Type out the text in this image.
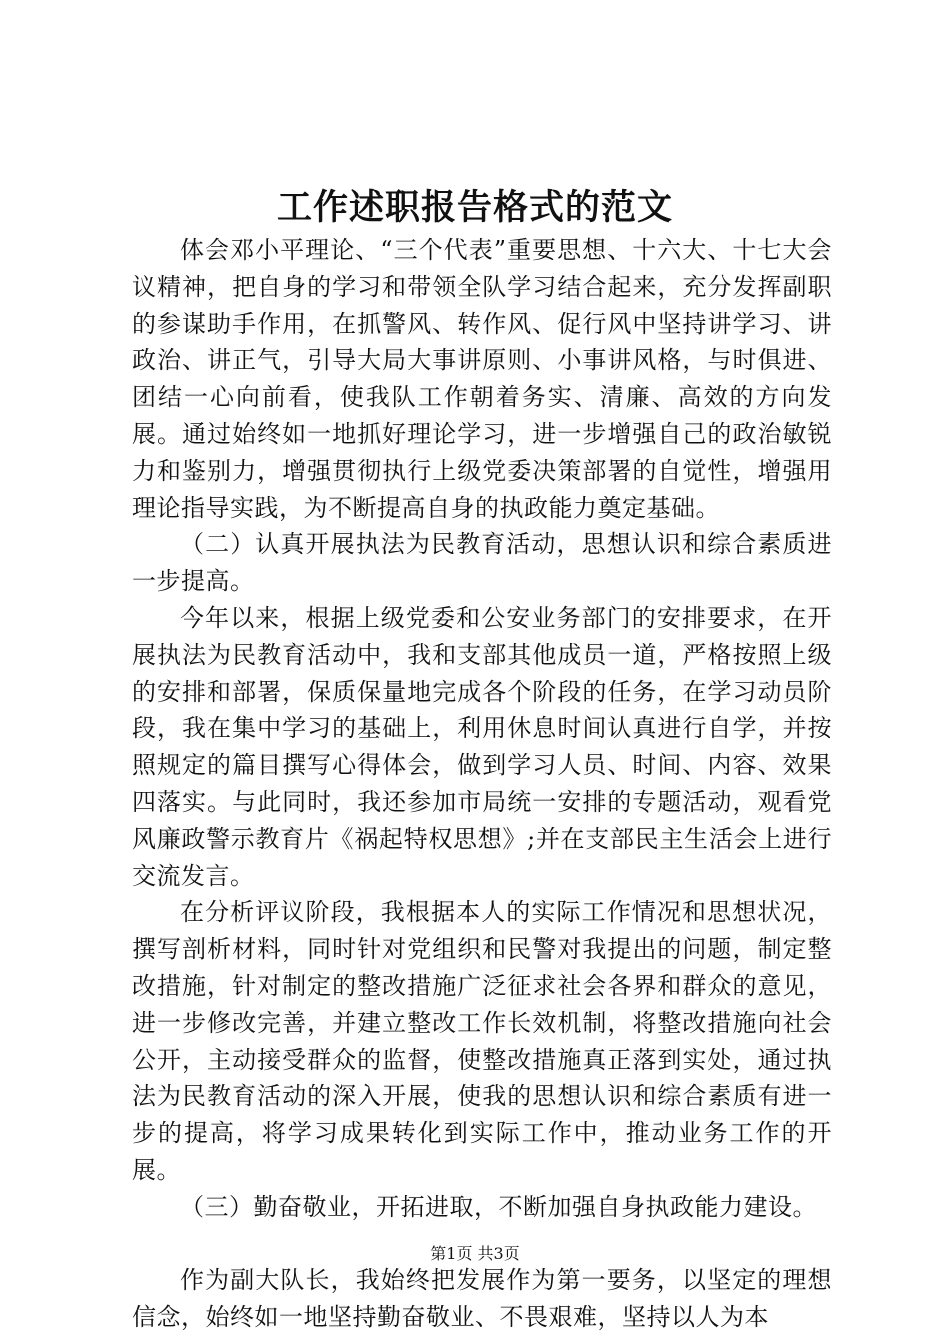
工作述职报告格式的范文

体会邓小平理论、“三个代表”重要思想、十六大、十七大会议精神，把自身的学习和带领全队学习结合起来，充分发挥副职的参谋助手作用，在抓警风、转作风、促行风中坚持讲学习、讲政治、讲正气，引导大局大事讲原则、小事讲风格，与时俱进、团结一心向前看，使我队工作朝着务实、清廉、高效的方向发展。通过始终如一地抓好理论学习，进一步增强自己的政治敏锐力和鉴别力，增强贯彻执行上级党委决策部署的自觉性，增强用理论指导实践，为不断提高自身的执政能力奠定基础。

（二）认真开展执法为民教育活动，思想认识和综合素质进一步提高。

今年以来，根据上级党委和公安业务部门的安排要求，在开展执法为民教育活动中，我和支部其他成员一道，严格按照上级的安排和部署，保质保量地完成各个阶段的任务，在学习动员阶段，我在集中学习的基础上，利用休息时间认真进行自学，并按照规定的篇目撰写心得体会，做到学习人员、时间、内容、效果四落实。与此同时，我还参加市局统一安排的专题活动，观看党风廉政警示教育片《祸起特权思想》;并在支部民主生活会上进行交流发言。

在分析评议阶段，我根据本人的实际工作情况和思想状况，撰写剖析材料，同时针对党组织和民警对我提出的问题，制定整改措施，针对制定的整改措施广泛征求社会各界和群众的意见，进一步修改完善，并建立整改工作长效机制，将整改措施向社会公开，主动接受群众的监督，使整改措施真正落到实处，通过执法为民教育活动的深入开展，使我的思想认识和综合素质有进一步的提高，将学习成果转化到实际工作中，推动业务工作的开展。

（三）勤奋敬业，开拓进取，不断加强自身执政能力建设。

作为副大队长，我始终把发展作为第一要务，以坚定的理想信念，始终如一地坚持勤奋敬业、不畏艰难，坚持以人为本

第1页 共3页
